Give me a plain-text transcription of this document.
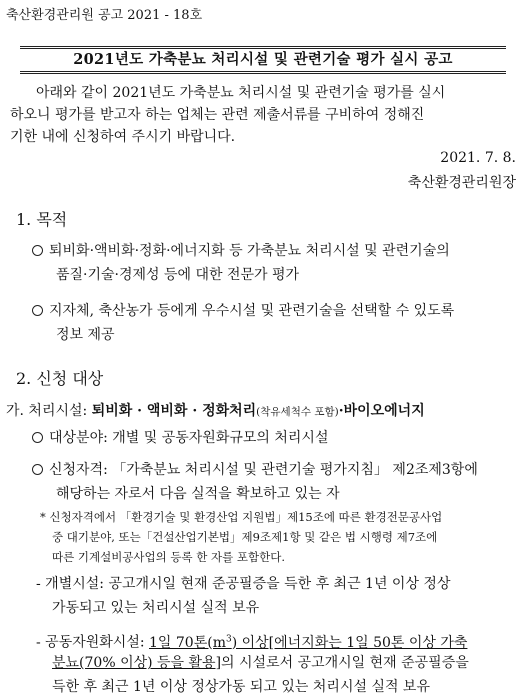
축산환경관리원 공고 2021 - 18호
2021년도 가축분뇨 처리시설 및 관련기술 평가 실시 공고
아래와 같이 2021년도 가축분뇨 처리시설 및 관련기술 평가를 실시
하오니 평가를 받고자 하는 업체는 관련 제출서류를 구비하여 정해진
기한 내에 신청하여 주시기 바랍니다.
2021. 7. 8.
축산환경관리원장
1. 목적
퇴비화·액비화·정화·에너지화 등 가축분뇨 처리시설 및 관련기술의
품질·기술·경제성 등에 대한 전문가 평가
지자체, 축산농가 등에게 우수시설 및 관련기술을 선택할 수 있도록
정보 제공
2. 신청 대상
가. 처리시설: 퇴비화 · 액비화 · 정화처리(착유세척수 포함)·바이오에너지
대상분야: 개별 및 공동자원화규모의 처리시설
신청자격: 「가축분뇨 처리시설 및 관련기술 평가지침」 제2조제3항에
해당하는 자로서 다음 실적을 확보하고 있는 자
* 신청자격에서 「환경기술 및 환경산업 지원법」제15조에 따른 환경전문공사업
중 대기분야, 또는「건설산업기본법」제9조제1항 및 같은 법 시행령 제7조에
따른 기계설비공사업의 등록 한 자를 포함한다.
- 개별시설: 공고개시일 현재 준공필증을 득한 후 최근 1년 이상 정상
가동되고 있는 처리시설 실적 보유
- 공동자원화시설: 1일 70톤$(m^3)$ 이상[에너지화는 1일 50톤 이상 가축
분뇨(70% 이상) 등을 활용]의 시설로서 공고개시일 현재 준공필증을
득한 후 최근 1년 이상 정상가동 되고 있는 처리시설 실적 보유
